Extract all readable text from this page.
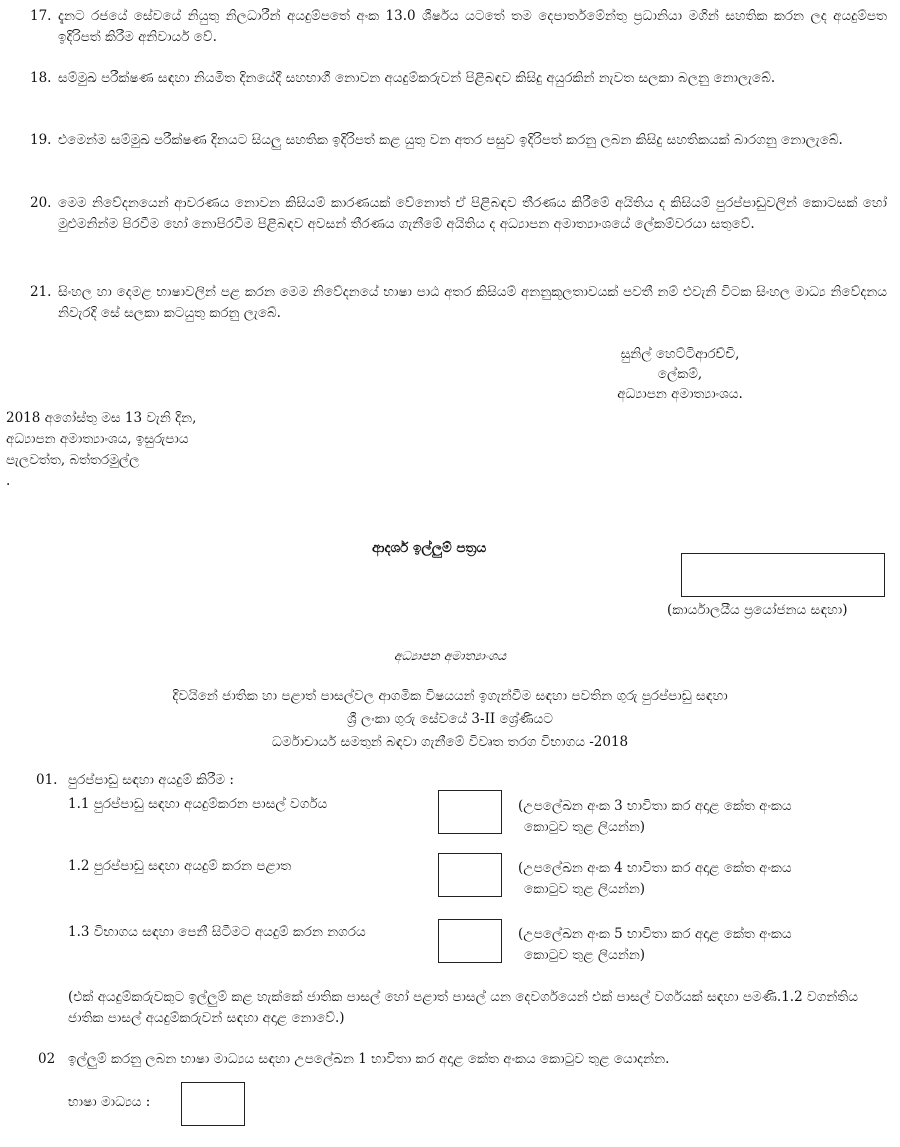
17. දැනට රජයේ සේවයේ නියුතු නිලධාරීන් අයදුම්පතේ අංක 13.0 ශීර්ෂය යටතේ තම දෙපාර්තමේන්තු ප්‍රධානියා මගින් සහතික කරන ලද අයදුම්පත ඉදිරිපත් කිරීම අනිවාර්ය වේ.
18. සම්මුඛ පරීක්ෂණ සඳහා නියමිත දිනයේදී සහභාගී නොවන අයදුම්කරුවන් පිළිබඳව කිසිදු අයුරකින් නැවත සලකා බලනු නොලැබේ.
19. එමෙන්ම සම්මුඛ පරීක්ෂණ දිනයට සියලු සහතික ඉදිරිපත් කළ යුතු වන අතර පසුව ඉදිරිපත් කරනු ලබන කිසිදු සහතිකයක් බාරගනු නොලැබේ.
20. මෙම නිවේදනයෙන් ආවරණය නොවන කිසියම් කාරණයක් වේනොත් ඒ පිළිබඳව තීරණය කිරීමේ අයිතිය ද කිසියම් පුරප්පාඩුවලින් කොටසක් හෝ මුළුමනින්ම පිරවීම හෝ නොපිරවීම පිළිබඳව අවසන් තීරණය ගැනීමේ අයිතිය ද අධ්‍යාපන අමාත්‍යාංශයේ ලේකම්වරයා සතුවේ.
21. සිංහල හා දෙමළ භාෂාවලින් පළ කරන මෙම නිවේදනයේ භාෂා පාඨ අතර කිසියම් අනනුකූලතාවයක් පවතී නම් එවැනි විටක සිංහල මාධ්‍ය නිවේදනය නිවැරදි සේ සලකා කටයුතු කරනු ලැබේ.
සුනිල් හෙට්ටිආරච්චි,
ලේකම්,
අධ්‍යාපන අමාත්‍යාංශය.
2018 අගෝස්තු මස 13 වැනි දින,
අධ්‍යාපන අමාත්‍යාංශය, ඉසුරුපාය
පැලවත්ත, බත්තරමුල්ල
.
ආදර්ශ ඉල්ලුම් පත්‍රය
(කාර්යාලයීය ප්‍රයෝජනය සඳහා)
අධ්‍යාපන අමාත්‍යාංශය
දිවයිනේ ජාතික හා පළාත් පාසල්වල ආගමික විෂයයන් ඉගැන්වීම සඳහා පවතින ගුරු පුරප්පාඩු සඳහා
ශ්‍රී ලංකා ගුරු සේවයේ 3-II ශ්‍රේණියට
ධර්මාචාර්ය සමතුන් බඳවා ගැනීමේ විවෘත තරග විභාගය -2018
01. පුරප්පාඩු සඳහා අයදුම් කිරීම :
1.1 පුරප්පාඩු සඳහා අයදුම්කරන පාසල් වර්ගය	(උපලේඛන අංක 3 භාවිතා කර අදාළ කේත අංකය
කොටුව තුළ ලියන්න)
1.2 පුරප්පාඩු සඳහා අයදුම් කරන පළාත	(උපලේඛන අංක 4 භාවිතා කර අදාළ කේත අංකය
කොටුව තුළ ලියන්න)
1.3 විභාගය සඳහා පෙනී සිටීමට අයදුම් කරන නගරය	(උපලේඛන අංක 5 භාවිතා කර අදාළ කේත අංකය
කොටුව තුළ ලියන්න)
(එක් අයදුම්කරුවකුට ඉල්ලුම් කළ හැක්කේ ජාතික පාසල් හෝ පළාත් පාසල් යන දෙවර්ගයෙන් එක් පාසල් වර්ගයක් සඳහා පමණි.1.2 වගන්තිය ජාතික පාසල් අයදුම්කරුවන් සඳහා අදාළ නොවේ.)
02 ඉල්ලුම් කරනු ලබන භාෂා මාධ්‍යය සඳහා උපලේඛන 1 භාවිතා කර අදාළ කේත අංකය කොටුව තුළ යොදන්න.
භාෂා මාධ්‍යය :
